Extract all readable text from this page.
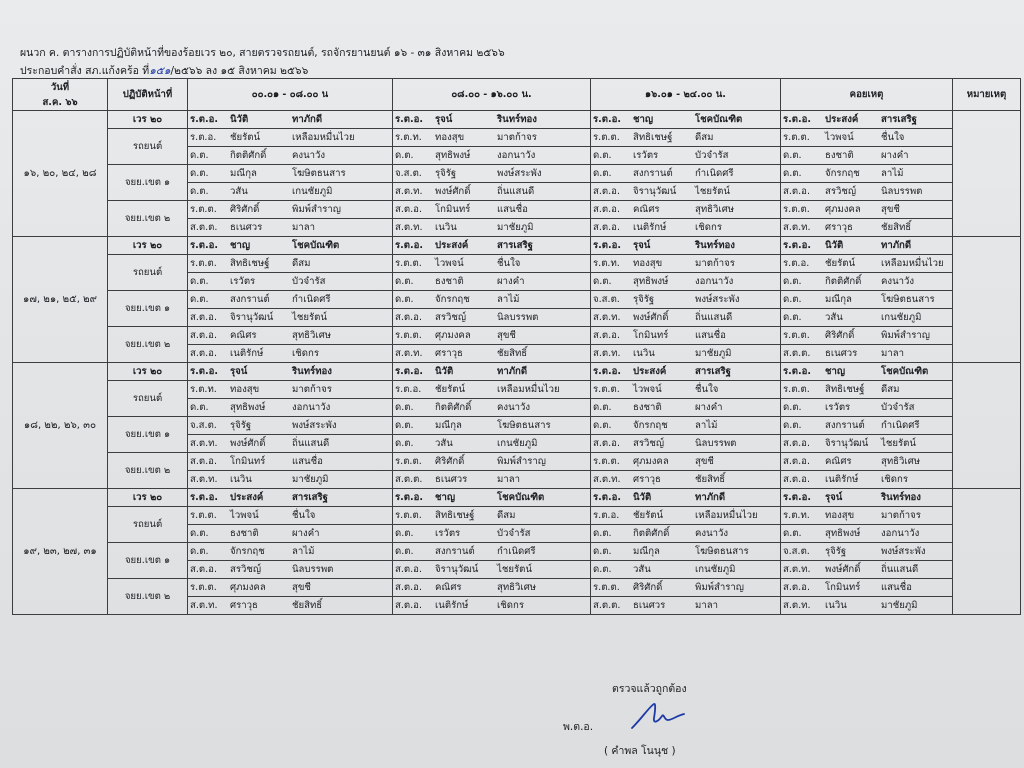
ผนวก ค. ตารางการปฏิบัติหน้าที่ของร้อยเวร ๒๐, สายตรวจรถยนต์, รถจักรยานยนต์ ๑๖ - ๓๑ สิงหาคม ๒๕๖๖
ประกอบคำสั่ง สภ.แก้งคร้อ ที่๑๕๑/๒๕๖๖ ลง ๑๕ สิงหาคม ๒๕๖๖
วันที่
ส.ค. ๖๖	ปฏิบัติหน้าที่	๐๐.๐๑ - ๐๘.๐๐ น	๐๘.๐๐ - ๑๖.๐๐ น.	๑๖.๐๑ - ๒๔.๐๐ น.	คอยเหตุ	หมายเหตุ
๑๖, ๒๐, ๒๔, ๒๘	เวร ๒๐	ร.ต.อ. นิวัติ ทาภักดี	ร.ต.อ. รุจน์ รินทร์ทอง	ร.ต.อ. ชาญ โชคบัณฑิต	ร.ต.อ. ประสงค์ สารเสริฐ	

	รถยนต์	ร.ต.อ. ชัยรัตน์ เหลือมหมื่นไวย	ร.ต.ท. ทองสุข มาตก้าจร	ร.ต.ต. สิทธิเชษฐ์ ดีสม	ร.ต.ต. ไวพจน์ ชื่นใจ	

		ด.ต. กิตติศักดิ์ คงนาวัง	ด.ต. สุทธิพงษ์ งอกนาวัง	ด.ต. เรวัตร บัวจำรัส	ด.ต. ธงชาติ ผางคำ	

	จยย.เขต ๑	ด.ต. มณีกุล โฆษิตธนสาร	จ.ส.ต. รุจิรัฐ พงษ์สระพัง	ด.ต. สงกรานต์ กำเนิดศรี	ด.ต. จักรกฤช ลาไม้	

		ด.ต. วสัน เกนชัยภูมิ	ส.ต.ท. พงษ์ศักดิ์ ถิ่นแสนดี	ส.ต.อ. จิรานุวัฒน์ ไชยรัตน์	ส.ต.อ. สรวิชญ์ นิลบรรพต	

	จยย.เขต ๒	ร.ต.ต. ศิริศักดิ์ พิมพ์สำราญ	ส.ต.อ. โกมินทร์ แสนชื่อ	ส.ต.อ. คณิศร สุทธิวิเศษ	ร.ต.ต. ศุภมงคล สุขชี	

		ส.ต.ต. ธเนศวร มาลา	ส.ต.ท. เนวิน มาชัยภูมิ	ส.ต.อ. เนติรักษ์ เชิดกร	ส.ต.ท. ศราวุธ ชัยสิทธิ์	

๑๗, ๒๑, ๒๕, ๒๙	เวร ๒๐	ร.ต.อ. ชาญ โชคบัณฑิต	ร.ต.อ. ประสงค์ สารเสริฐ	ร.ต.อ. รุจน์ รินทร์ทอง	ร.ต.อ. นิวัติ ทาภักดี	

	รถยนต์	ร.ต.ต. สิทธิเชษฐ์ ดีสม	ร.ต.ต. ไวพจน์ ชื่นใจ	ร.ต.ท. ทองสุข มาตก้าจร	ร.ต.อ. ชัยรัตน์ เหลือมหมื่นไวย	

		ด.ต. เรวัตร บัวจำรัส	ด.ต. ธงชาติ ผางคำ	ด.ต. สุทธิพงษ์ งอกนาวัง	ด.ต. กิตติศักดิ์ คงนาวัง	

	จยย.เขต ๑	ด.ต. สงกรานต์ กำเนิดศรี	ด.ต. จักรกฤช ลาไม้	จ.ส.ต. รุจิรัฐ พงษ์สระพัง	ด.ต. มณีกุล โฆษิตธนสาร	

		ส.ต.อ. จิรานุวัฒน์ ไชยรัตน์	ส.ต.อ. สรวิชญ์ นิลบรรพต	ส.ต.ท. พงษ์ศักดิ์ ถิ่นแสนดี	ด.ต. วสัน เกนชัยภูมิ	

	จยย.เขต ๒	ส.ต.อ. คณิศร สุทธิวิเศษ	ร.ต.ต. ศุภมงคล สุขชี	ส.ต.อ. โกมินทร์ แสนชื่อ	ร.ต.ต. ศิริศักดิ์ พิมพ์สำราญ	

		ส.ต.อ. เนติรักษ์ เชิดกร	ส.ต.ท. ศราวุธ ชัยสิทธิ์	ส.ต.ท. เนวิน มาชัยภูมิ	ส.ต.ต. ธเนศวร มาลา	

๑๘, ๒๒, ๒๖, ๓๐	เวร ๒๐	ร.ต.อ. รุจน์ รินทร์ทอง	ร.ต.อ. นิวัติ ทาภักดี	ร.ต.อ. ประสงค์ สารเสริฐ	ร.ต.อ. ชาญ โชคบัณฑิต	

	รถยนต์	ร.ต.ท. ทองสุข มาตก้าจร	ร.ต.อ. ชัยรัตน์ เหลือมหมื่นไวย	ร.ต.ต. ไวพจน์ ชื่นใจ	ร.ต.ต. สิทธิเชษฐ์ ดีสม	

		ด.ต. สุทธิพงษ์ งอกนาวัง	ด.ต. กิตติศักดิ์ คงนาวัง	ด.ต. ธงชาติ ผางคำ	ด.ต. เรวัตร บัวจำรัส	

	จยย.เขต ๑	จ.ส.ต. รุจิรัฐ พงษ์สระพัง	ด.ต. มณีกุล โฆษิตธนสาร	ด.ต. จักรกฤช ลาไม้	ด.ต. สงกรานต์ กำเนิดศรี	

		ส.ต.ท. พงษ์ศักดิ์ ถิ่นแสนดี	ด.ต. วสัน เกนชัยภูมิ	ส.ต.อ. สรวิชญ์ นิลบรรพต	ส.ต.อ. จิรานุวัฒน์ ไชยรัตน์	

	จยย.เขต ๒	ส.ต.อ. โกมินทร์ แสนชื่อ	ร.ต.ต. ศิริศักดิ์ พิมพ์สำราญ	ร.ต.ต. ศุภมงคล สุขชี	ส.ต.อ. คณิศร สุทธิวิเศษ	

		ส.ต.ท. เนวิน มาชัยภูมิ	ส.ต.ต. ธเนศวร มาลา	ส.ต.ท. ศราวุธ ชัยสิทธิ์	ส.ต.อ. เนติรักษ์ เชิดกร	

๑๙, ๒๓, ๒๗, ๓๑	เวร ๒๐	ร.ต.อ. ประสงค์ สารเสริฐ	ร.ต.อ. ชาญ โชคบัณฑิต	ร.ต.อ. นิวัติ ทาภักดี	ร.ต.อ. รุจน์ รินทร์ทอง	

	รถยนต์	ร.ต.ต. ไวพจน์ ชื่นใจ	ร.ต.ต. สิทธิเชษฐ์ ดีสม	ร.ต.อ. ชัยรัตน์ เหลือมหมื่นไวย	ร.ต.ท. ทองสุข มาตก้าจร	

		ด.ต. ธงชาติ ผางคำ	ด.ต. เรวัตร บัวจำรัส	ด.ต. กิตติศักดิ์ คงนาวัง	ด.ต. สุทธิพงษ์ งอกนาวัง	

	จยย.เขต ๑	ด.ต. จักรกฤช ลาไม้	ด.ต. สงกรานต์ กำเนิดศรี	ด.ต. มณีกุล โฆษิตธนสาร	จ.ส.ต. รุจิรัฐ พงษ์สระพัง	

		ส.ต.อ. สรวิชญ์ นิลบรรพต	ส.ต.อ. จิรานุวัฒน์ ไชยรัตน์	ด.ต. วสัน เกนชัยภูมิ	ส.ต.ท. พงษ์ศักดิ์ ถิ่นแสนดี	

	จยย.เขต ๒	ร.ต.ต. ศุภมงคล สุขชี	ส.ต.อ. คณิศร สุทธิวิเศษ	ร.ต.ต. ศิริศักดิ์ พิมพ์สำราญ	ส.ต.อ. โกมินทร์ แสนชื่อ	

		ส.ต.ท. ศราวุธ ชัยสิทธิ์	ส.ต.อ. เนติรักษ์ เชิดกร	ส.ต.ต. ธเนศวร มาลา	ส.ต.ท. เนวิน มาชัยภูมิ	
ตรวจแล้วถูกต้อง
พ.ต.อ.
( คำพล โนนุช )
